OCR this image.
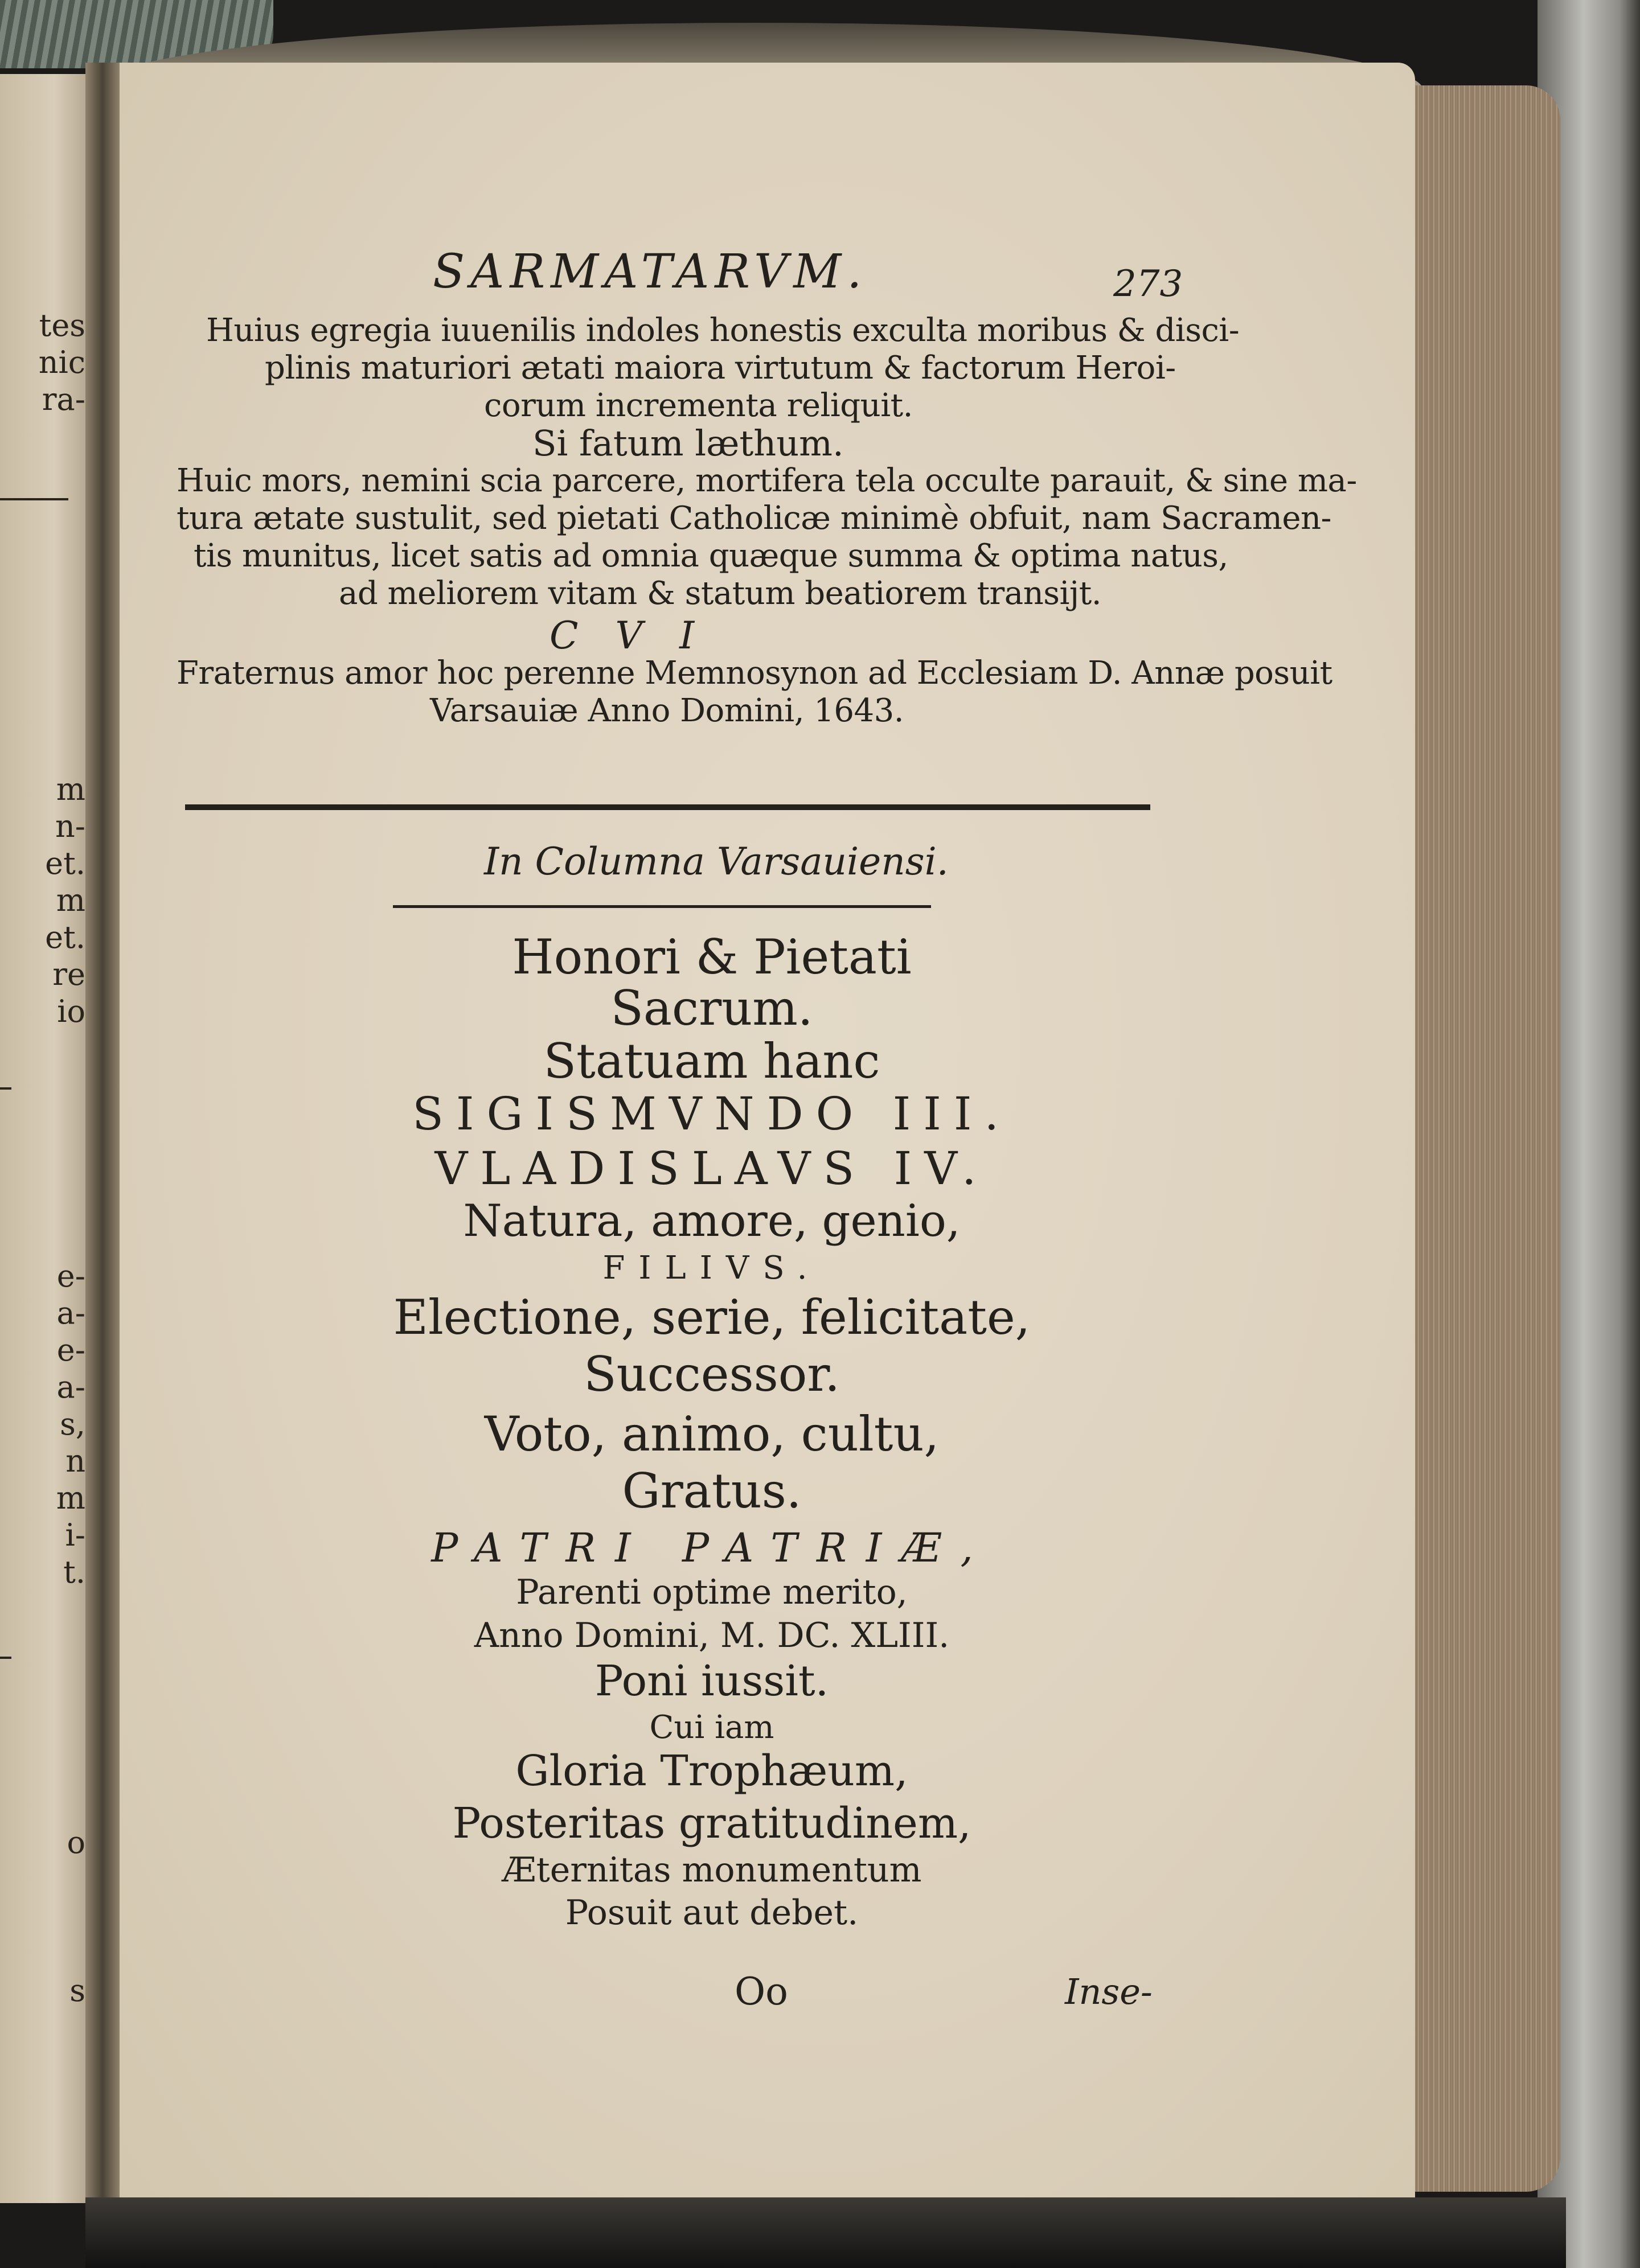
tes
nic
ra-
m
n-
et.
m
et.
re
io
e-
a-
e-
a-
s,
n
m
i-
t.
o
s
SARMATARVM.	273
Huius egregia iuuenilis indoles honestis exculta moribus & disci-
plinis maturiori ætati maiora virtutum & factorum Heroi-
corum incrementa reliquit.
Si fatum læthum.
Huic mors, nemini scia parcere, mortifera tela occulte parauit, & sine ma-
tura ætate sustulit, sed pietati Catholicæ minimè obfuit, nam Sacramen-
tis munitus, licet satis ad omnia quæque summa & optima natus,
ad meliorem vitam & statum beatiorem transijt.
C V I
Fraternus amor hoc perenne Memnosynon ad Ecclesiam D. Annæ posuit
Varsauiæ Anno Domini, 1643.
In Columna Varsauiensi.
Honori & Pietati
Sacrum.
Statuam hanc
SIGISMVNDO III.
VLADISLAVS IV.
Natura, amore, genio,
FILIVS.
Electione, serie, felicitate,
Successor.
Voto, animo, cultu,
Gratus.
PATRI PATRIÆ,
Parenti optime merito,
Anno Domini, M. DC. XLIII.
Poni iussit.
Cui iam
Gloria Trophæum,
Posteritas gratitudinem,
Æternitas monumentum
Posuit aut debet.
Oo	Inse-
